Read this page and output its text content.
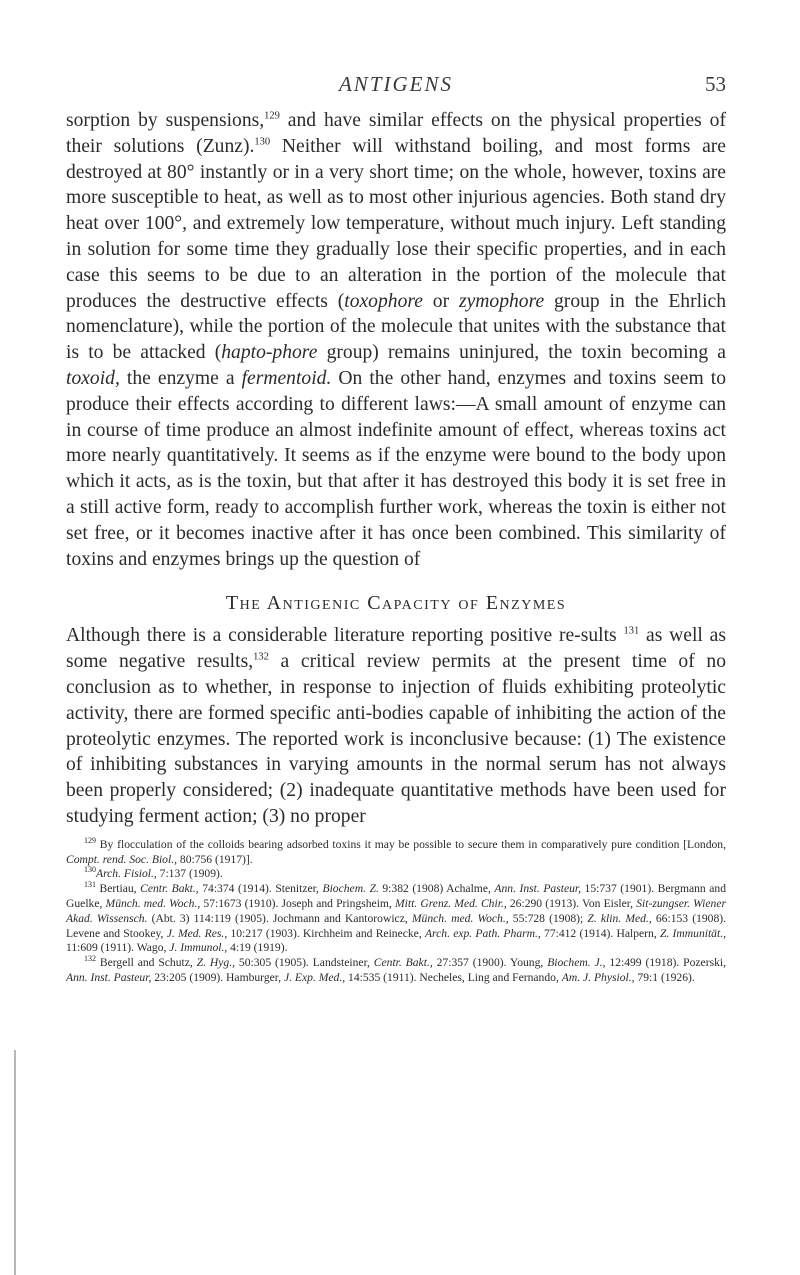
ANTIGENS	53

sorption by suspensions,$^{129}$ and have similar effects on the physical properties of their solutions (Zunz).$^{130}$ Neither will withstand boiling, and most forms are destroyed at 80° instantly or in a very short time; on the whole, however, toxins are more susceptible to heat, as well as to most other injurious agencies. Both stand dry heat over 100°, and extremely low temperature, without much injury. Left standing in solution for some time they gradually lose their specific properties, and in each case this seems to be due to an alteration in the portion of the molecule that produces the destructive effects (toxophore or zymophore group in the Ehrlich nomenclature), while the portion of the molecule that unites with the substance that is to be attacked (hapto-phore group) remains uninjured, the toxin becoming a toxoid, the enzyme a fermentoid. On the other hand, enzymes and toxins seem to produce their effects according to different laws:—A small amount of enzyme can in course of time produce an almost indefinite amount of effect, whereas toxins act more nearly quantitatively. It seems as if the enzyme were bound to the body upon which it acts, as is the toxin, but that after it has destroyed this body it is set free in a still active form, ready to accomplish further work, whereas the toxin is either not set free, or it becomes inactive after it has once been combined. This similarity of toxins and enzymes brings up the question of

The Antigenic Capacity of Enzymes

Although there is a considerable literature reporting positive re-sults $^{131}$ as well as some negative results,$^{132}$ a critical review permits at the present time of no conclusion as to whether, in response to injection of fluids exhibiting proteolytic activity, there are formed specific anti-bodies capable of inhibiting the action of the proteolytic enzymes. The reported work is inconclusive because: (1) The existence of inhibiting substances in varying amounts in the normal serum has not always been properly considered; (2) inadequate quantitative methods have been used for studying ferment action; (3) no proper

$^{129}$ By flocculation of the colloids bearing adsorbed toxins it may be possible to secure them in comparatively pure condition [London, Compt. rend. Soc. Biol., 80:756 (1917)].

$^{130}$Arch. Fisiol., 7:137 (1909).

$^{131}$ Bertiau, Centr. Bakt., 74:374 (1914). Stenitzer, Biochem. Z. 9:382 (1908) Achalme, Ann. Inst. Pasteur, 15:737 (1901). Bergmann and Guelke, Münch. med. Woch., 57:1673 (1910). Joseph and Pringsheim, Mitt. Grenz. Med. Chir., 26:290 (1913). Von Eisler, Sit-zungser. Wiener Akad. Wissensch. (Abt. 3) 114:119 (1905). Jochmann and Kantorowicz, Münch. med. Woch., 55:728 (1908); Z. klin. Med., 66:153 (1908). Levene and Stookey, J. Med. Res., 10:217 (1903). Kirchheim and Reinecke, Arch. exp. Path. Pharm., 77:412 (1914). Halpern, Z. Immunität., 11:609 (1911). Wago, J. Immunol., 4:19 (1919).

$^{132}$ Bergell and Schutz, Z. Hyg., 50:305 (1905). Landsteiner, Centr. Bakt., 27:357 (1900). Young, Biochem. J., 12:499 (1918). Pozerski, Ann. Inst. Pasteur, 23:205 (1909). Hamburger, J. Exp. Med., 14:535 (1911). Necheles, Ling and Fernando, Am. J. Physiol., 79:1 (1926).
